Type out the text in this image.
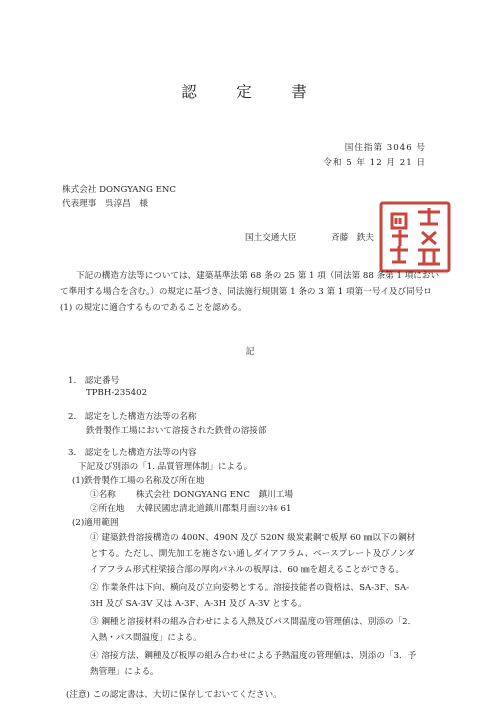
認　定　書
国住指第 3046 号
令和 5 年 12 月 21 日
株式会社 DONGYANG ENC
代表理事　呉淳昌　様
国土交通大臣	斉藤　鉄夫
下記の構造方法等については、建築基準法第 68 条の 25 第 1 項（同法第 88 条第 1 項において準用する場合を含む。）の規定に基づき、同法施行規則第 1 条の 3 第 1 項第一号イ及び同号ロ (1) の規定に適合するものであることを認める。
記
1.　認定番号
TPBH-235402
2.　認定をした構造方法等の名称
鉄骨製作工場において溶接された鉄骨の溶接部
3.　認定をした構造方法等の内容
下記及び別添の「1. 品質管理体制」による。
(1)鉄骨製作工場の名称及び所在地
①名称 株式会社 DONGYANG ENC　鎮川工場
②所在地 大韓民國忠清北道鎮川郡梨月面ﾐｼﾝｷﾙ 61
(2)適用範囲
① 建築鉄骨溶接構造の 400N、490N 及び 520N 級炭素鋼で板厚 60 ㎜以下の鋼材とする。ただし、開先加工を施さない通しダイアフラム、ベースプレート及びノンダイアフラム形式柱梁接合部の厚肉パネルの板厚は、60 ㎜を超えることができる。
② 作業条件は下向、横向及び立向姿勢とする。溶接技能者の資格は、SA-3F、SA-3H 及び SA-3V 又は A-3F、A-3H 及び A-3V とする。
③ 鋼種と溶接材料の組み合わせによる入熱及びパス間温度の管理値は、別添の「2．入熱・パス間温度」による。
④ 溶接方法、鋼種及び板厚の組み合わせによる予熱温度の管理値は、別添の「3．予熱管理」による。
(注意) この認定書は、大切に保存しておいてください。
